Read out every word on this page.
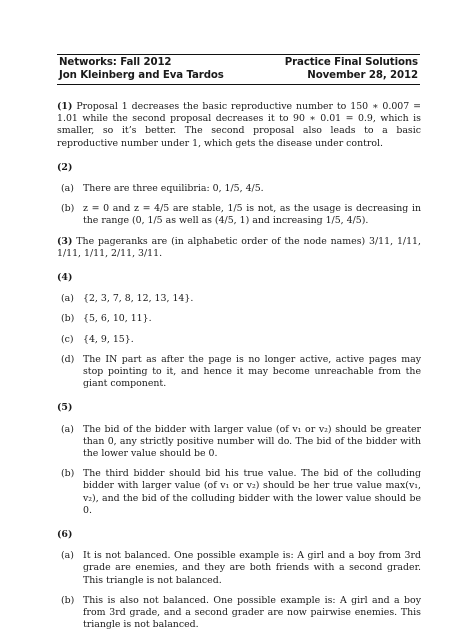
Networks: Fall 2012	Practice Final Solutions
Jon Kleinberg and Eva Tardos	November 28, 2012

(1) Proposal 1 decreases the basic reproductive number to 150 ∗ 0.007 = 1.01 while the second proposal decreases it to 90 ∗ 0.01 = 0.9, which is smaller, so it’s better. The second proposal also leads to a basic reproductive number under 1, which gets the disease under control.

(2)
(a) There are three equilibria: 0, 1/5, 4/5.
(b) z = 0 and z = 4/5 are stable, 1/5 is not, as the usage is decreasing in the range (0, 1/5 as well as (4/5, 1) and increasing 1/5, 4/5).

(3) The pageranks are (in alphabetic order of the node names) 3/11, 1/11, 1/11, 1/11, 2/11, 3/11.

(4)
(a) {2, 3, 7, 8, 12, 13, 14}.
(b) {5, 6, 10, 11}.
(c)	{4, 9, 15}.
(d) The IN part as after the page is no longer active, active pages may stop pointing to it, and hence it may become unreachable from the giant component.
(5)
(a) The bid of the bidder with larger value (of v₁ or v₂) should be greater than 0, any strictly positive number will do. The bid of the bidder with the lower value should be 0.
(b) The third bidder should bid his true value. The bid of the colluding bidder with larger value (of v₁ or v₂) should be her true value max(v₁, v₂), and the bid of the colluding bidder with the lower value should be 0.
(6)
(a) It is not balanced. One possible example is: A girl and a boy from 3rd grade are enemies, and they are both friends with a second grader. This triangle is not balanced.
(b) This is also not balanced. One possible example is: A girl and a boy from 3rd grade, and a second grader are now pairwise enemies. This triangle is not balanced.
